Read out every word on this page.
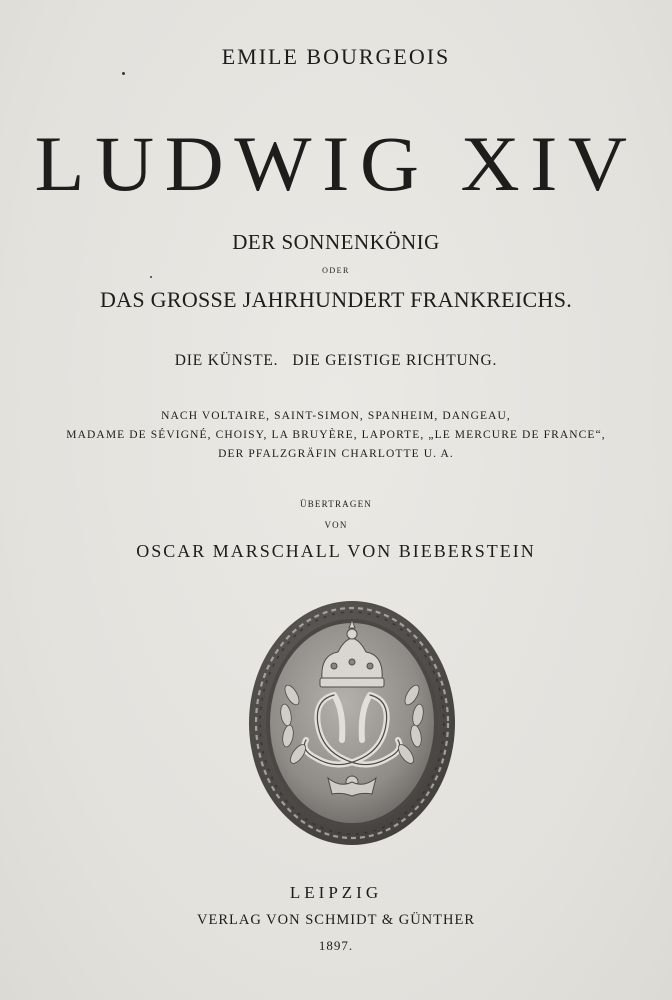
EMILE BOURGEOIS
LUDWIG XIV
DER SONNENKÖNIG
ODER
DAS GROSSE JAHRHUNDERT FRANKREICHS.
DIE KÜNSTE.   DIE GEISTIGE RICHTUNG.
NACH VOLTAIRE, SAINT-SIMON, SPANHEIM, DANGEAU,
MADAME DE SÉVIGNÉ, CHOISY, LA BRUYÈRE, LAPORTE, „LE MERCURE DE FRANCE“,
DER PFALZGRÄFIN CHARLOTTE U. A.
ÜBERTRAGEN
VON
OSCAR MARSCHALL VON BIEBERSTEIN
LEIPZIG
VERLAG VON SCHMIDT & GÜNTHER
1897.
